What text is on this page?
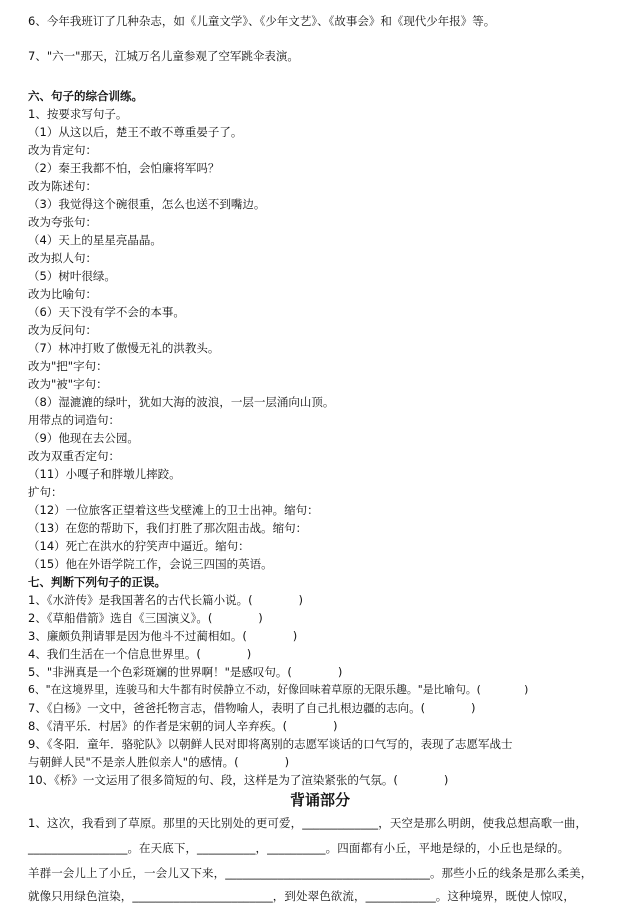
6、今年我班订了几种杂志，如《儿童文学》、《少年文艺》、《故事会》和《现代少年报》等。
7、"六一"那天，江城万名儿童参观了空军跳伞表演。
六、句子的综合训练。
1、按要求写句子。
（1）从这以后，楚王不敢不尊重晏子了。
改为肯定句：
（2）秦王我都不怕，会怕廉将军吗？
改为陈述句：
（3）我觉得这个碗很重，怎么也送不到嘴边。
改为夸张句：
（4）天上的星星亮晶晶。
改为拟人句：
（5）树叶很绿。
改为比喻句：
（6）天下没有学不会的本事。
改为反问句：
（7）林冲打败了傲慢无礼的洪教头。
改为"把"字句：
改为"被"字句：
（8）湿漉漉的绿叶，犹如大海的波浪，一层一层涌向山顶。
用带点的词造句：
（9）他现在去公园。
改为双重否定句：
（11）小嘎子和胖墩儿摔跤。
扩句：
（12）一位旅客正望着这些戈壁滩上的卫士出神。缩句：
（13）在您的帮助下，我们打胜了那次阻击战。缩句：
（14）死亡在洪水的狞笑声中逼近。缩句：
（15）他在外语学院工作，会说三四国的英语。
七、判断下列句子的正误。
1、《水浒传》是我国著名的古代长篇小说。(　　　　)
2、《草船借箭》选自《三国演义》。(　　　　)
3、廉颇负荆请罪是因为他斗不过蔺相如。(　　　　)
4、我们生活在一个信息世界里。(　　　　)
5、"非洲真是一个色彩斑斓的世界啊！"是感叹句。(　　　　)
6、"在这境界里，连骏马和大牛都有时侯静立不动，好像回味着草原的无限乐趣。"是比喻句。(　　　　)
7、《白杨》一文中，爸爸托物言志，借物喻人，表明了自己扎根边疆的志向。(　　　　)
8、《清平乐．村居》的作者是宋朝的词人辛弃疾。(　　　　)
9、《冬阳．童年．骆驼队》以朝鲜人民对即将离别的志愿军谈话的口气写的，表现了志愿军战士
与朝鲜人民"不是亲人胜似亲人"的感情。(　　　　)
10、《桥》一文运用了很多简短的句、段，这样是为了渲染紧张的气氛。(　　　　)
背诵部分
1、这次，我看到了草原。那里的天比别处的更可爱，_____________，天空是那么明朗，使我总想高歌一曲，
_________________。在天底下，__________，__________。四面都有小丘，平地是绿的，小丘也是绿的。
羊群一会儿上了小丘，一会儿又下来，___________________________________。那些小丘的线条是那么柔美，
就像只用绿色渲染，________________________，到处翠色欲流，____________。这种境界，既使人惊叹，
